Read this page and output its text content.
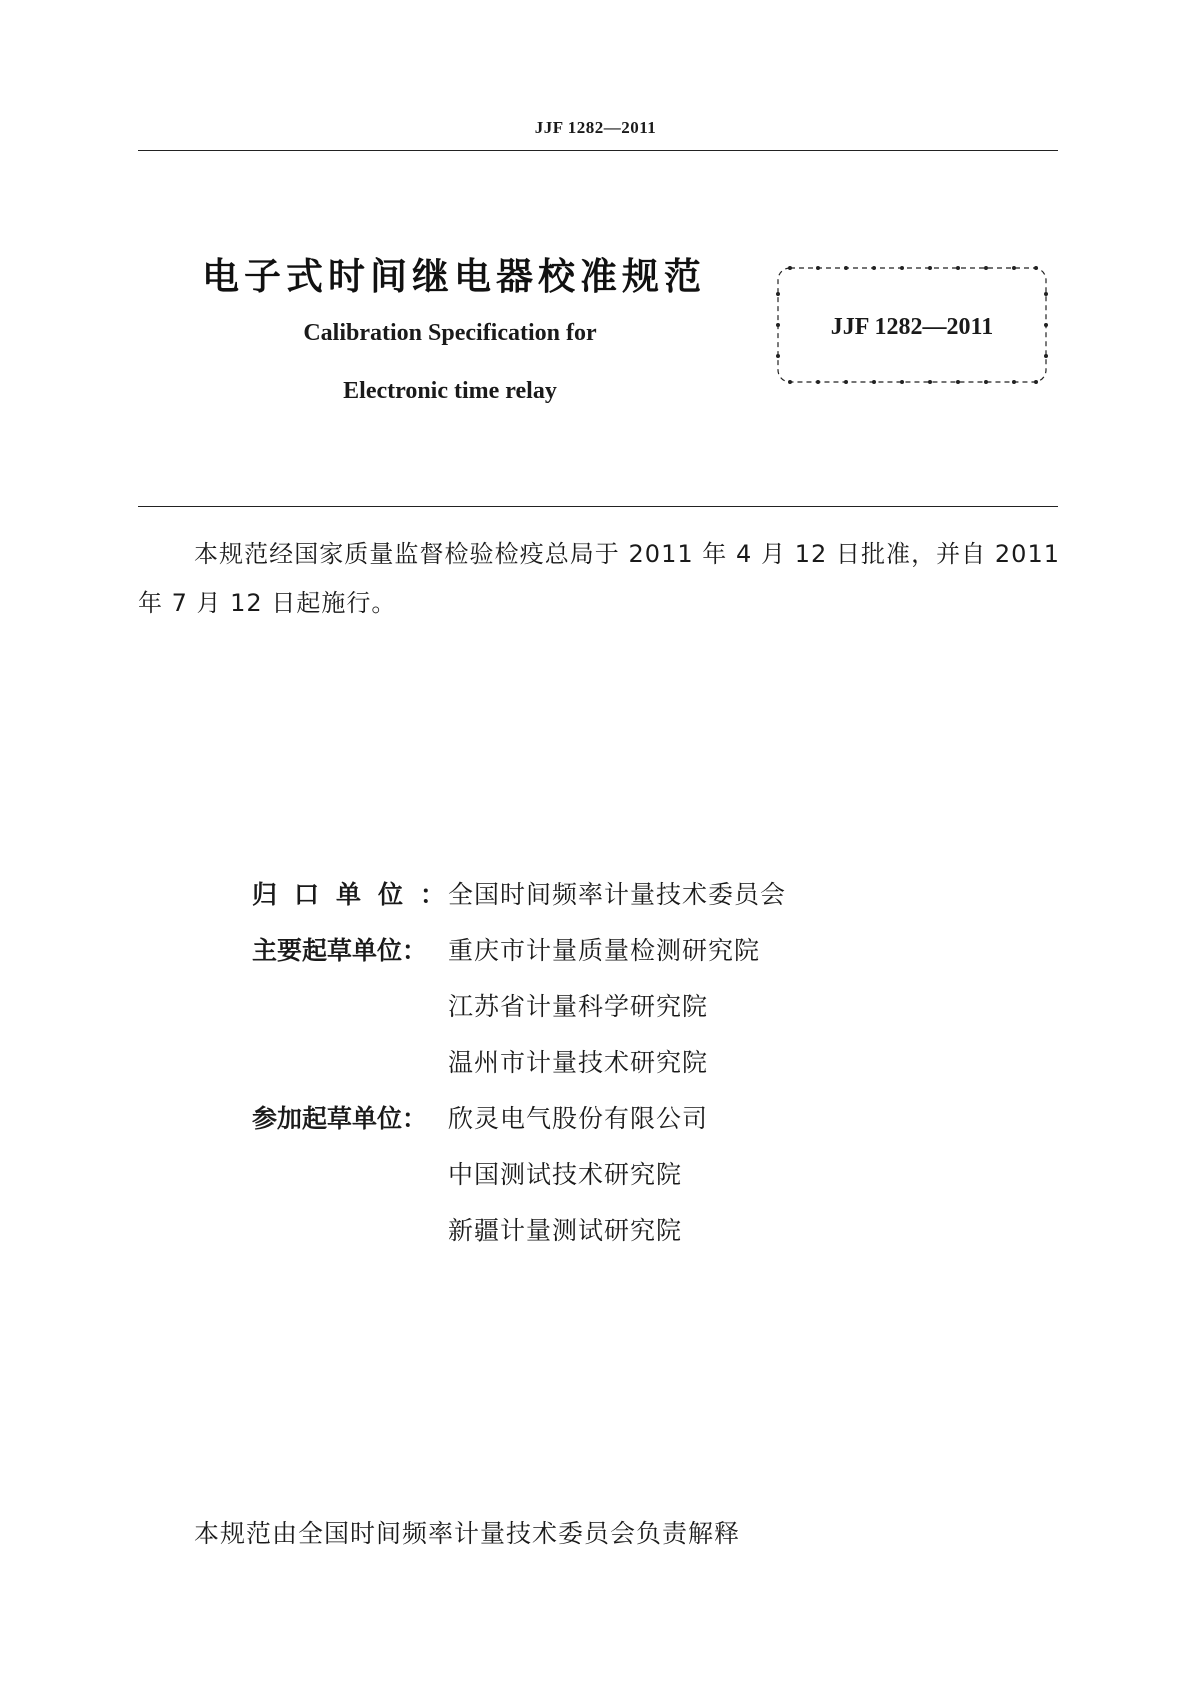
JJF 1282—2011
电子式时间继电器校准规范
Calibration Specification for
Electronic time relay
JJF 1282—2011
本规范经国家质量监督检验检疫总局于 2011 年 4 月 12 日批准，并自 2011 年 7 月 12 日起施行。
归口单位：全国时间频率计量技术委员会
主要起草单位： 重庆市计量质量检测研究院
江苏省计量科学研究院
温州市计量技术研究院
参加起草单位： 欣灵电气股份有限公司
中国测试技术研究院
新疆计量测试研究院
本规范由全国时间频率计量技术委员会负责解释
